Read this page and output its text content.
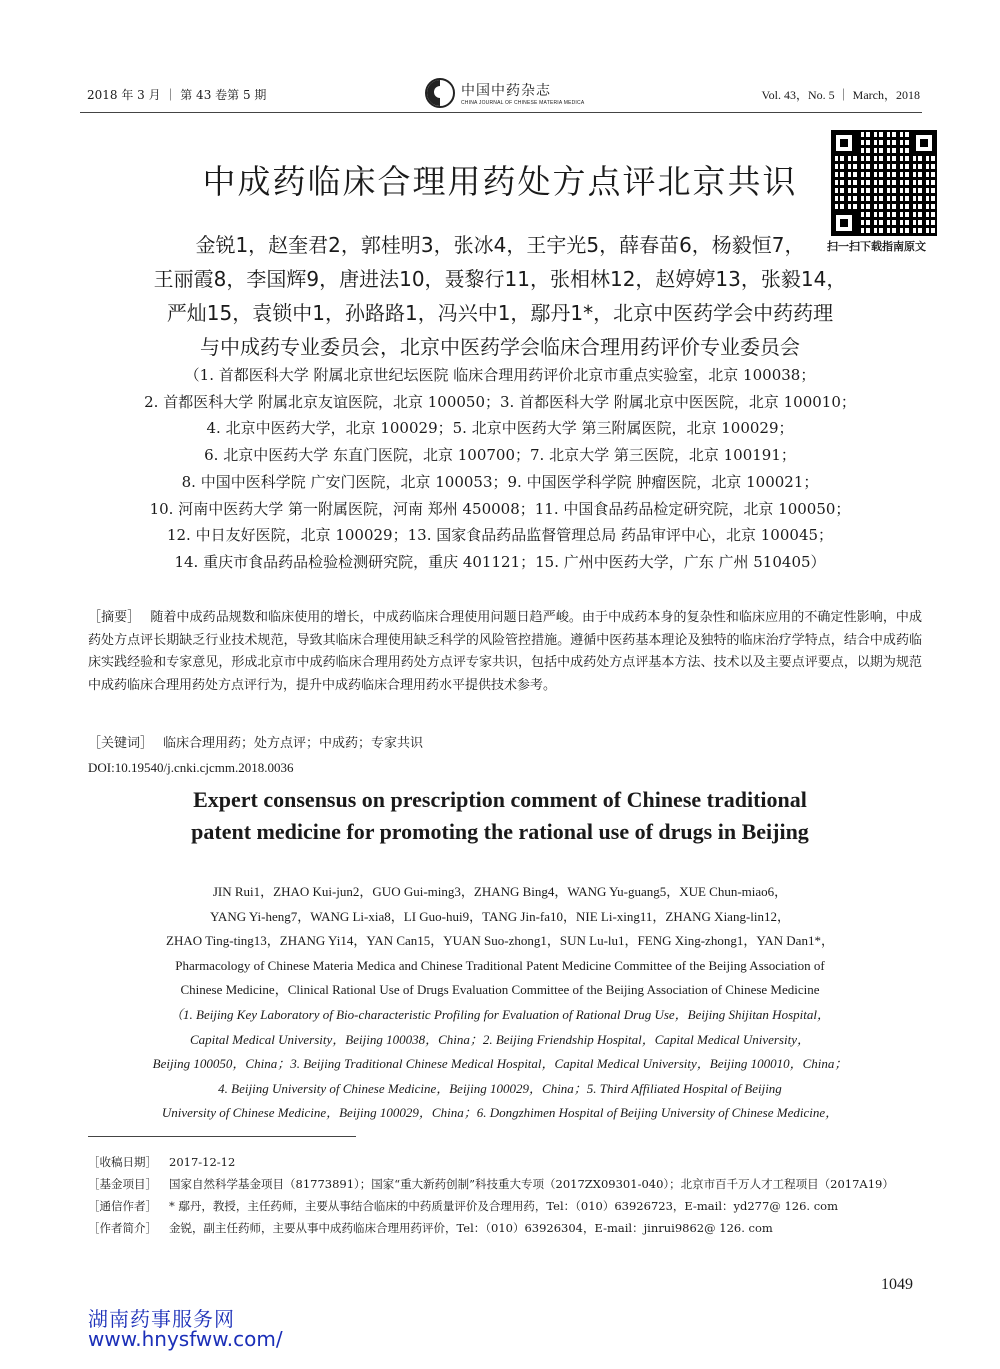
2018 年 3 月 ｜ 第 43 卷第 5 期	中国中药杂志
CHINA JOURNAL OF CHINESE MATERIA MEDICA
Vol. 43，No. 5 ｜ March，2018
中成药临床合理用药处方点评北京共识
扫一扫下载指南原文
金锐1，赵奎君2，郭桂明3，张冰4，王宇光5，薛春苗6，杨毅恒7，
王丽霞8，李国辉9，唐进法10，聂黎行11，张相林12，赵婷婷13，张毅14，
严灿15，袁锁中1，孙路路1，冯兴中1，鄢丹1*，北京中医药学会中药药理
与中成药专业委员会，北京中医药学会临床合理用药评价专业委员会
（1. 首都医科大学 附属北京世纪坛医院 临床合理用药评价北京市重点实验室，北京 100038；
2. 首都医科大学 附属北京友谊医院，北京 100050；3. 首都医科大学 附属北京中医医院，北京 100010；
4. 北京中医药大学，北京 100029；5. 北京中医药大学 第三附属医院，北京 100029；
6. 北京中医药大学 东直门医院，北京 100700；7. 北京大学 第三医院，北京 100191；
8. 中国中医科学院 广安门医院，北京 100053；9. 中国医学科学院 肿瘤医院，北京 100021；
10. 河南中医药大学 第一附属医院，河南 郑州 450008；11. 中国食品药品检定研究院，北京 100050；
12. 中日友好医院，北京 100029；13. 国家食品药品监督管理总局 药品审评中心，北京 100045；
14. 重庆市食品药品检验检测研究院，重庆 401121；15. 广州中医药大学，广东 广州 510405）
［摘要］ 随着中成药品规数和临床使用的增长，中成药临床合理使用问题日趋严峻。由于中成药本身的复杂性和临床应用的不确定性影响，中成药处方点评长期缺乏行业技术规范，导致其临床合理使用缺乏科学的风险管控措施。遵循中医药基本理论及独特的临床治疗学特点，结合中成药临床实践经验和专家意见，形成北京市中成药临床合理用药处方点评专家共识，包括中成药处方点评基本方法、技术以及主要点评要点，以期为规范中成药临床合理用药处方点评行为，提升中成药临床合理用药水平提供技术参考。
［关键词］ 临床合理用药；处方点评；中成药；专家共识
DOI:10.19540/j.cnki.cjcmm.2018.0036
Expert consensus on prescription comment of Chinese traditional
patent medicine for promoting the rational use of drugs in Beijing
JIN Rui1，ZHAO Kui-jun2，GUO Gui-ming3，ZHANG Bing4，WANG Yu-guang5，XUE Chun-miao6，
YANG Yi-heng7，WANG Li-xia8，LI Guo-hui9，TANG Jin-fa10，NIE Li-xing11，ZHANG Xiang-lin12，
ZHAO Ting-ting13，ZHANG Yi14，YAN Can15，YUAN Suo-zhong1，SUN Lu-lu1，FENG Xing-zhong1，YAN Dan1*，
Pharmacology of Chinese Materia Medica and Chinese Traditional Patent Medicine Committee of the Beijing Association of
Chinese Medicine，Clinical Rational Use of Drugs Evaluation Committee of the Beijing Association of Chinese Medicine
（1. Beijing Key Laboratory of Bio-characteristic Profiling for Evaluation of Rational Drug Use，Beijing Shijitan Hospital，
Capital Medical University，Beijing 100038，China；2. Beijing Friendship Hospital，Capital Medical University，
Beijing 100050，China；3. Beijing Traditional Chinese Medical Hospital，Capital Medical University，Beijing 100010，China；
4. Beijing University of Chinese Medicine，Beijing 100029，China；5. Third Affiliated Hospital of Beijing
University of Chinese Medicine，Beijing 100029，China；6. Dongzhimen Hospital of Beijing University of Chinese Medicine，
［收稿日期］ 2017-12-12
［基金项目］ 国家自然科学基金项目（81773891）；国家“重大新药创制”科技重大专项（2017ZX09301-040）；北京市百千万人才工程项目（2017A19）
［通信作者］ * 鄢丹，教授，主任药师，主要从事结合临床的中药质量评价及合理用药，Tel：（010）63926723，E-mail：yd277@ 126. com
［作者简介］ 金锐，副主任药师，主要从事中成药临床合理用药评价，Tel：（010）63926304，E-mail：jinrui9862@ 126. com
1049
湖南药事服务网
www.hnysfww.com/
